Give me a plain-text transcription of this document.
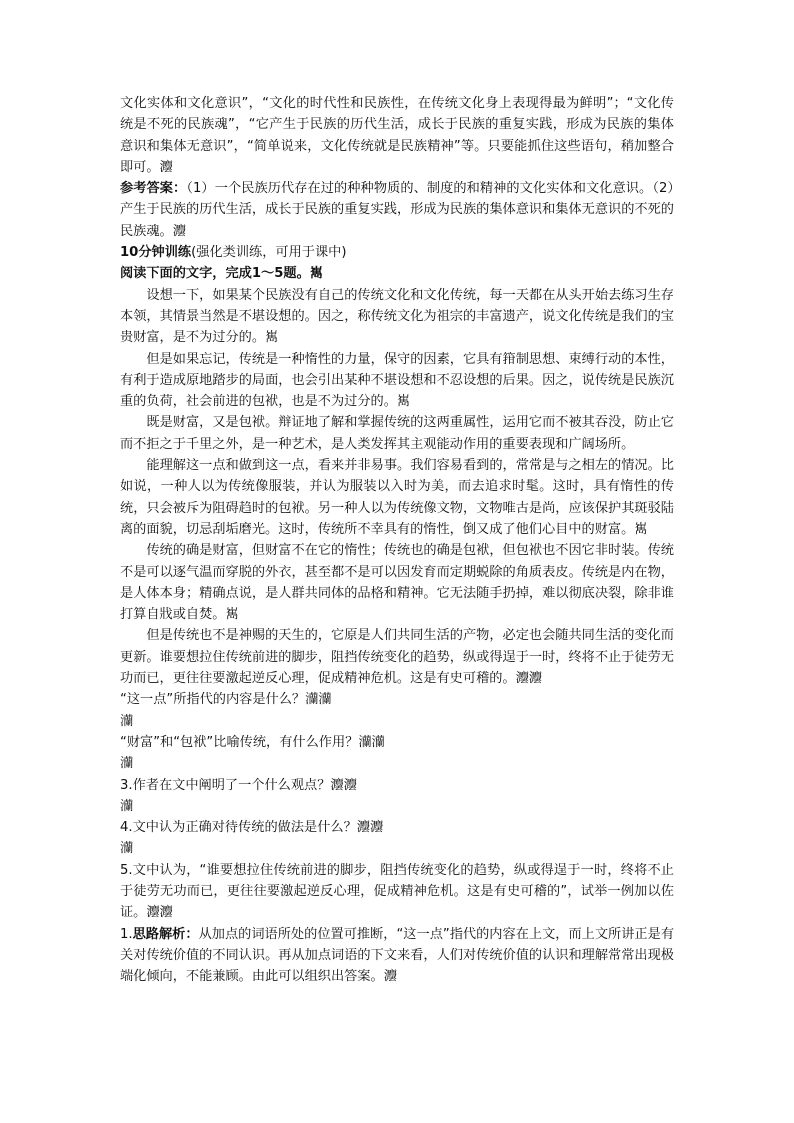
文化实体和文化意识”，“文化的时代性和民族性，在传统文化身上表现得最为鲜明”；“文化传统是不死的民族魂”，“它产生于民族的历代生活，成长于民族的重复实践，形成为民族的集体意识和集体无意识”，“简单说来，文化传统就是民族精神”等。只要能抓住这些语句，稍加整合即可。灋

参考答案：（1）一个民族历代存在过的种种物质的、制度的和精神的文化实体和文化意识。（2）产生于民族的历代生活，成长于民族的重复实践，形成为民族的集体意识和集体无意识的不死的民族魂。灋

10分钟训练(强化类训练，可用于课中)

阅读下面的文字，完成1～5题。嶲

设想一下，如果某个民族没有自己的传统文化和文化传统，每一天都在从头开始去练习生存本领，其情景当然是不堪设想的。因之，称传统文化为祖宗的丰富遗产，说文化传统是我们的宝贵财富，是不为过分的。嶲

但是如果忘记，传统是一种惰性的力量，保守的因素，它具有箝制思想、束缚行动的本性，有利于造成原地踏步的局面，也会引出某种不堪设想和不忍设想的后果。因之，说传统是民族沉重的负荷，社会前进的包袱，也是不为过分的。嶲

既是财富，又是包袱。辩证地了解和掌握传统的这两重属性，运用它而不被其吞没，防止它而不拒之于千里之外，是一种艺术，是人类发挥其主观能动作用的重要表现和广阔场所。

能理解这一点和做到这一点，看来并非易事。我们容易看到的，常常是与之相左的情况。比如说，一种人以为传统像服装，并认为服装以入时为美，而去追求时髦。这时，具有惰性的传统，只会被斥为阻碍趋时的包袱。另一种人以为传统像文物，文物唯古是尚，应该保护其斑驳陆离的面貌，切忌刮垢磨光。这时，传统所不幸具有的惰性，倒又成了他们心目中的财富。嶲

传统的确是财富，但财富不在它的惰性；传统也的确是包袱，但包袱也不因它非时装。传统不是可以逐气温而穿脱的外衣，甚至都不是可以因发育而定期蜕除的角质表皮。传统是内在物，是人体本身；精确点说，是人群共同体的品格和精神。它无法随手扔掉，难以彻底决裂，除非谁打算自戕或自焚。嶲

但是传统也不是神赐的天生的，它原是人们共同生活的产物，必定也会随共同生活的变化而更新。谁要想拉住传统前进的脚步，阻挡传统变化的趋势，纵或得逞于一时，终将不止于徒劳无功而已，更往往要激起逆反心理，促成精神危机。这是有史可稽的。灋灋

“这一点”所指代的内容是什么？灡灡

灡

“财富”和“包袱”比喻传统，有什么作用？灡灡

灡

3.作者在文中阐明了一个什么观点？灋灋

灡

4.文中认为正确对待传统的做法是什么？灋灋

灡

5.文中认为，“谁要想拉住传统前进的脚步，阻挡传统变化的趋势，纵或得逞于一时，终将不止于徒劳无功而已，更往往要激起逆反心理，促成精神危机。这是有史可稽的”，试举一例加以佐证。灋灋

1.思路解析：从加点的词语所处的位置可推断，“这一点”指代的内容在上文，而上文所讲正是有关对传统价值的不同认识。再从加点词语的下文来看，人们对传统价值的认识和理解常常出现极端化倾向，不能兼顾。由此可以组织出答案。灋
